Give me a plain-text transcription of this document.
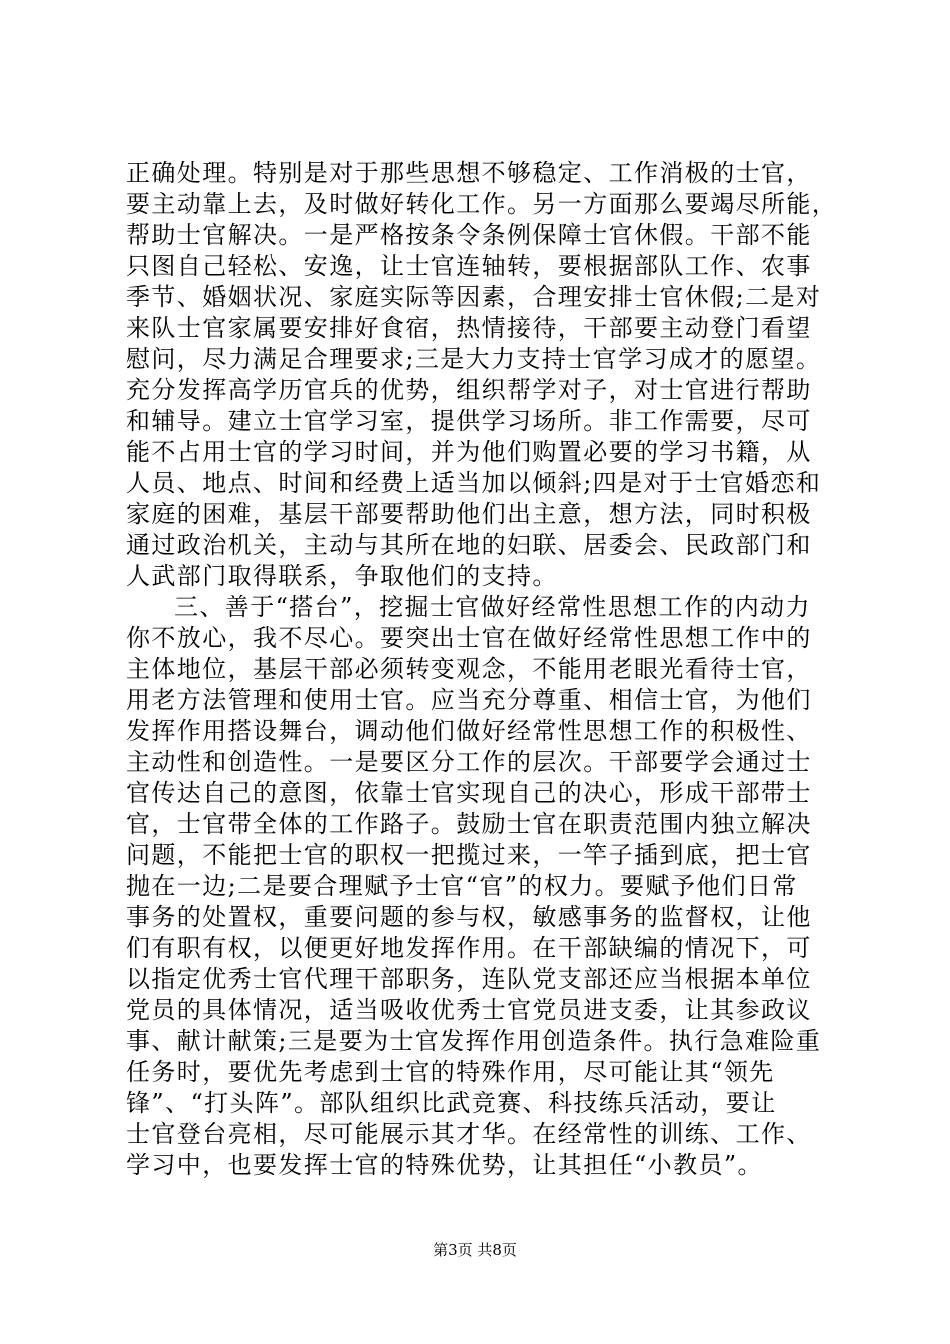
正确处理。特别是对于那些思想不够稳定、工作消极的士官，
要主动靠上去，及时做好转化工作。另一方面那么要竭尽所能，
帮助士官解决。一是严格按条令条例保障士官休假。干部不能
只图自己轻松、安逸，让士官连轴转，要根据部队工作、农事
季节、婚姻状况、家庭实际等因素，合理安排士官休假;二是对
来队士官家属要安排好食宿，热情接待，干部要主动登门看望
慰问，尽力满足合理要求;三是大力支持士官学习成才的愿望。
充分发挥高学历官兵的优势，组织帮学对子，对士官进行帮助
和辅导。建立士官学习室，提供学习场所。非工作需要，尽可
能不占用士官的学习时间，并为他们购置必要的学习书籍，从
人员、地点、时间和经费上适当加以倾斜;四是对于士官婚恋和
家庭的困难，基层干部要帮助他们出主意，想方法，同时积极
通过政治机关，主动与其所在地的妇联、居委会、民政部门和
人武部门取得联系，争取他们的支持。
三、善于“搭台”，挖掘士官做好经常性思想工作的内动力
你不放心，我不尽心。要突出士官在做好经常性思想工作中的
主体地位，基层干部必须转变观念，不能用老眼光看待士官，
用老方法管理和使用士官。应当充分尊重、相信士官，为他们
发挥作用搭设舞台，调动他们做好经常性思想工作的积极性、
主动性和创造性。一是要区分工作的层次。干部要学会通过士
官传达自己的意图，依靠士官实现自己的决心，形成干部带士
官，士官带全体的工作路子。鼓励士官在职责范围内独立解决
问题，不能把士官的职权一把揽过来，一竿子插到底，把士官
抛在一边;二是要合理赋予士官“官”的权力。要赋予他们日常
事务的处置权，重要问题的参与权，敏感事务的监督权，让他
们有职有权，以便更好地发挥作用。在干部缺编的情况下，可
以指定优秀士官代理干部职务，连队党支部还应当根据本单位
党员的具体情况，适当吸收优秀士官党员进支委，让其参政议
事、献计献策;三是要为士官发挥作用创造条件。执行急难险重
任务时，要优先考虑到士官的特殊作用，尽可能让其“领先
锋”、“打头阵”。部队组织比武竞赛、科技练兵活动，要让
士官登台亮相，尽可能展示其才华。在经常性的训练、工作、
学习中，也要发挥士官的特殊优势，让其担任“小教员”。
第3页 共8页
